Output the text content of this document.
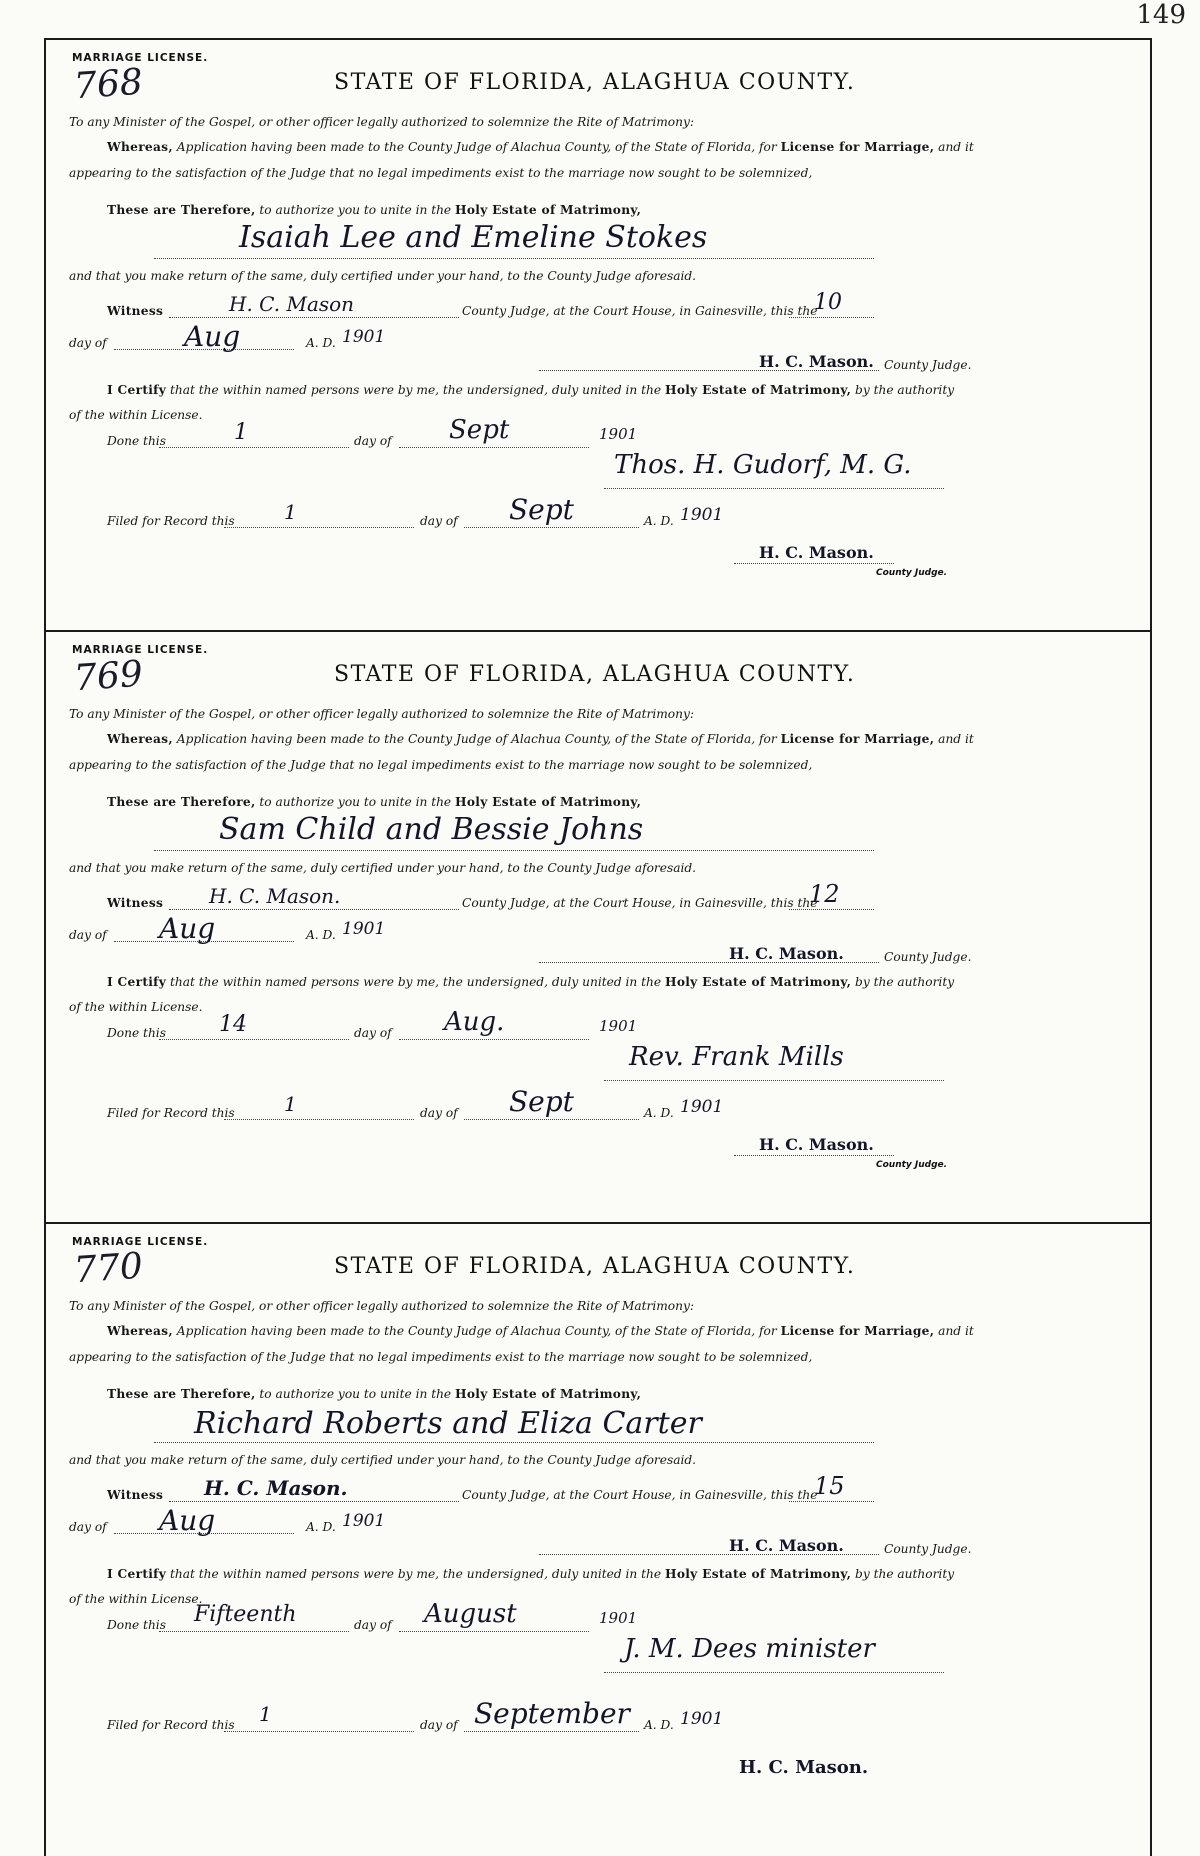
149
MARRIAGE LICENSE.
768	STATE OF FLORIDA, ALAGHUA COUNTY.
To any Minister of the Gospel, or other officer legally authorized to solemnize the Rite of Matrimony:
Whereas, Application having been made to the County Judge of Alachua County, of the State of Florida, for License for Marriage, and it
appearing to the satisfaction of the Judge that no legal impediments exist to the marriage now sought to be solemnized,
These are Therefore, to authorize you to unite in the Holy Estate of Matrimony,
Isaiah Lee and Emeline Stokes
and that you make return of the same, duly certified under your hand, to the County Judge aforesaid.
Witness	H. C. Mason	County Judge, at the Court House, in Gainesville, this the
10
day of	Aug	A. D. 1901
H. C. Mason. County Judge.
I Certify that the within named persons were by me, the undersigned, duly united in the Holy Estate of Matrimony, by the authority
of the within License.
Done this	1	day of Sept	1901
Thos. H. Gudorf, M. G.
Filed for Record this 1	day of Sept	A. D. 1901
H. C. Mason.
County Judge.
MARRIAGE LICENSE.
769	STATE OF FLORIDA, ALAGHUA COUNTY.
To any Minister of the Gospel, or other officer legally authorized to solemnize the Rite of Matrimony:
Whereas, Application having been made to the County Judge of Alachua County, of the State of Florida, for License for Marriage, and it
appearing to the satisfaction of the Judge that no legal impediments exist to the marriage now sought to be solemnized,
These are Therefore, to authorize you to unite in the Holy Estate of Matrimony,
Sam Child and Bessie Johns
and that you make return of the same, duly certified under your hand, to the County Judge aforesaid.
Witness H. C. Mason.	County Judge, at the Court House, in Gainesville, this the
12
day of Aug	A. D. 1901
H. C. Mason.	County Judge.
I Certify that the within named persons were by me, the undersigned, duly united in the Holy Estate of Matrimony, by the authority
of the within License.
Done this 14	day of Aug.	1901
Rev. Frank Mills
Filed for Record this 1	day of Sept	A. D. 1901
H. C. Mason.
County Judge.
MARRIAGE LICENSE.
770	STATE OF FLORIDA, ALAGHUA COUNTY.
To any Minister of the Gospel, or other officer legally authorized to solemnize the Rite of Matrimony:
Whereas, Application having been made to the County Judge of Alachua County, of the State of Florida, for License for Marriage, and it
appearing to the satisfaction of the Judge that no legal impediments exist to the marriage now sought to be solemnized,
These are Therefore, to authorize you to unite in the Holy Estate of Matrimony,
Richard Roberts and Eliza Carter
and that you make return of the same, duly certified under your hand, to the County Judge aforesaid.
Witness H. C. Mason.	County Judge, at the Court House, in Gainesville, this the
15
day of Aug	A. D. 1901
H. C. Mason.	County Judge.
I Certify that the within named persons were by me, the undersigned, duly united in the Holy Estate of Matrimony, by the authority
of the within License.
Done this Fifteenth	day of August	1901
J. M. Dees minister
Filed for Record this 1	day of September A. D. 1901
H. C. Mason.
